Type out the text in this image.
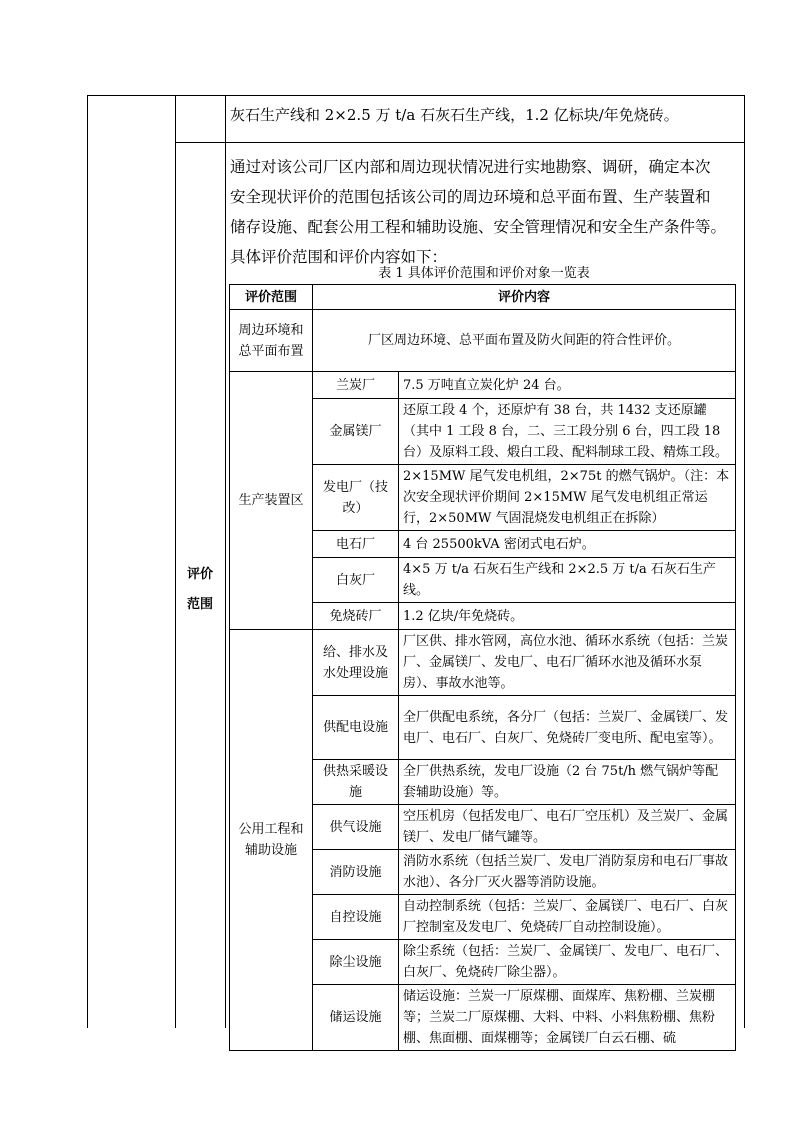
灰石生产线和 2×2.5 万 t/a 石灰石生产线，1.2 亿标块/年免烧砖。
评价
范围

通过对该公司厂区内部和周边现状情况进行实地勘察、调研，确定本次

安全现状评价的范围包括该公司的周边环境和总平面布置、生产装置和

储存设施、配套公用工程和辅助设施、安全管理情况和安全生产条件等。

具体评价范围和评价内容如下：

表 1 具体评价范围和评价对象一览表
评价范围	评价内容	
周边环境和总平面布置	厂区周边环境、总平面布置及防火间距的符合性评价。	
生产装置区	兰炭厂	7.5 万吨直立炭化炉 24 台。
	金属镁厂	还原工段 4 个，还原炉有 38 台，共 1432 支还原罐（其中 1 工段 8 台，二、三工段分别 6 台，四工段 18 台）及原料工段、煅白工段、配料制球工段、精炼工段。
	发电厂（技改）	2×15MW 尾气发电机组，2×75t 的燃气锅炉。（注：本次安全现状评价期间 2×15MW 尾气发电机组正常运行，2×50MW 气固混烧发电机组正在拆除）
	电石厂	4 台 25500kVA 密闭式电石炉。
	白灰厂	4×5 万 t/a 石灰石生产线和 2×2.5 万 t/a 石灰石生产线。
	免烧砖厂	1.2 亿块/年免烧砖。
公用工程和辅助设施	给、排水及水处理设施	厂区供、排水管网，高位水池、循环水系统（包括：兰炭厂、金属镁厂、发电厂、电石厂循环水池及循环水泵房）、事故水池等。
	供配电设施	全厂供配电系统，各分厂（包括：兰炭厂、金属镁厂、发电厂、电石厂、白灰厂、免烧砖厂变电所、配电室等）。
	供热采暖设施	全厂供热系统，发电厂设施（2 台 75t/h 燃气锅炉等配套辅助设施）等。
	供气设施	空压机房（包括发电厂、电石厂空压机）及兰炭厂、金属镁厂、发电厂储气罐等。
	消防设施	消防水系统（包括兰炭厂、发电厂消防泵房和电石厂事故水池）、各分厂灭火器等消防设施。
	自控设施	自动控制系统（包括：兰炭厂、金属镁厂、电石厂、白灰厂控制室及发电厂、免烧砖厂自动控制设施）。
	除尘设施	除尘系统（包括：兰炭厂、金属镁厂、发电厂、电石厂、白灰厂、免烧砖厂除尘器）。
	储运设施	储运设施：兰炭一厂原煤棚、面煤库、焦粉棚、兰炭棚等；兰炭二厂原煤棚、大料、中料、小料焦粉棚、焦粉棚、焦面棚、面煤棚等；金属镁厂白云石棚、硫
